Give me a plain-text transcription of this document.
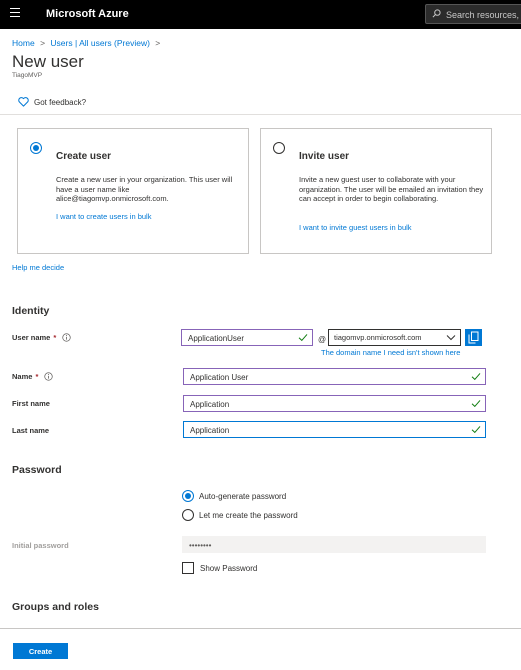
Microsoft Azure
Search resources, s
Home > Users | All users (Preview) >
New user
TiagoMVP
Got feedback?
Create user
Create a new user in your organization. This user will have a user name like alice@tiagomvp.onmicrosoft.com.
I want to create users in bulk
Invite user
Invite a new guest user to collaborate with your organization. The user will be emailed an invitation they can accept in order to begin collaborating.
I want to invite guest users in bulk
Help me decide
Identity
User name *
ApplicationUser	@ tiagomvp.onmicrosoft.com
The domain name I need isn't shown here
Name *
Application User
First name
Application
Last name
Application
Password
Auto-generate password
Let me create the password
Initial password
••••••••
Show Password
Groups and roles
Create
